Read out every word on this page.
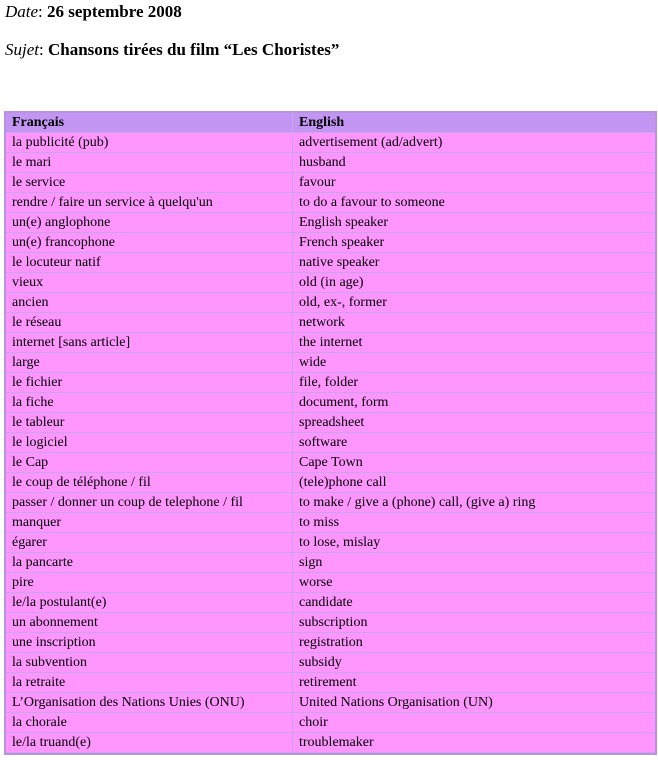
Date: 26 septembre 2008
Sujet: Chansons tirées du film “Les Choristes”
Français	English
la publicité (pub)	advertisement (ad/advert)
le mari	husband
le service	favour
rendre / faire un service à quelqu'un	to do a favour to someone
un(e) anglophone	English speaker
un(e) francophone	French speaker
le locuteur natif	native speaker
vieux	old (in age)
ancien	old, ex-, former
le réseau	network
internet [sans article]	the internet
large	wide
le fichier	file, folder
la fiche	document, form
le tableur	spreadsheet
le logiciel	software
le Cap	Cape Town
le coup de téléphone / fil	(tele)phone call
passer / donner un coup de telephone / fil	to make / give a (phone) call, (give a) ring
manquer	to miss
égarer	to lose, mislay
la pancarte	sign
pire	worse
le/la postulant(e)	candidate
un abonnement	subscription
une inscription	registration
la subvention	subsidy
la retraite	retirement
L’Organisation des Nations Unies (ONU)	United Nations Organisation (UN)
la chorale	choir
le/la truand(e)	troublemaker
